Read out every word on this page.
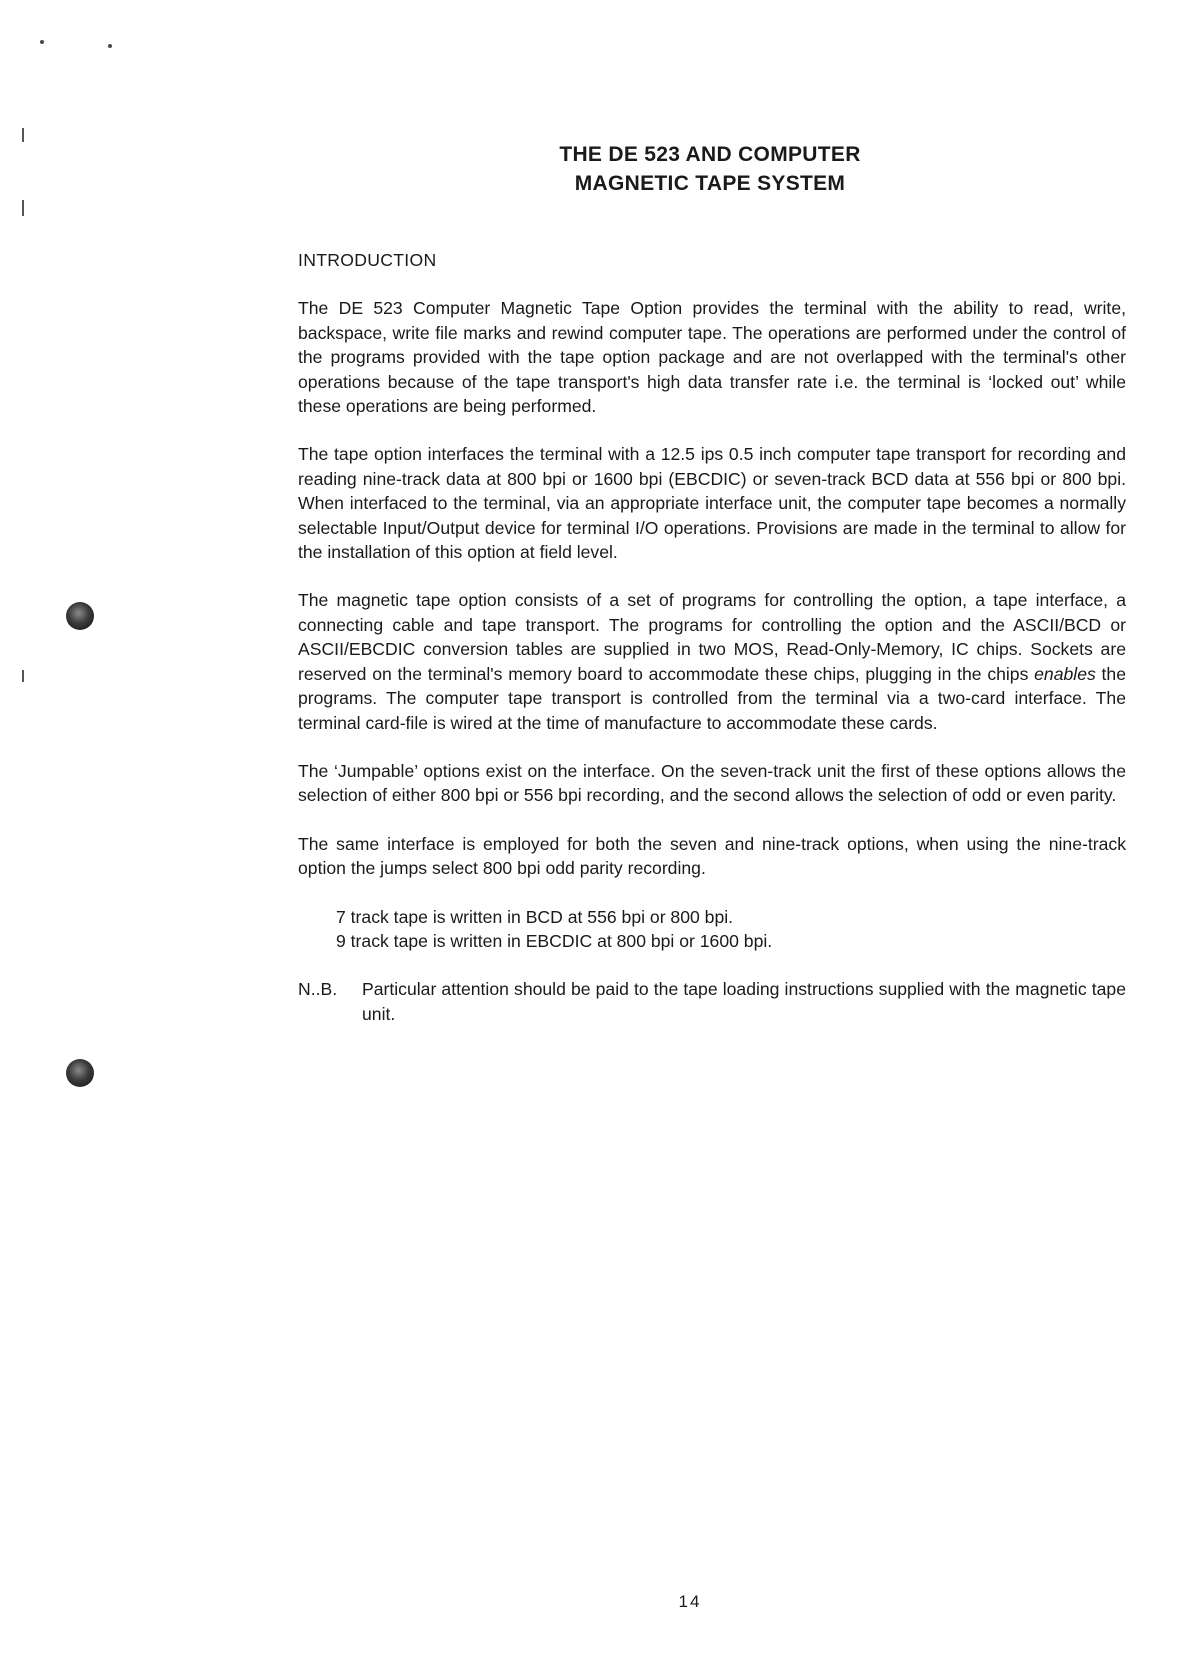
THE DE 523 AND COMPUTER
MAGNETIC TAPE SYSTEM
INTRODUCTION

The DE 523 Computer Magnetic Tape Option provides the terminal with the ability to read, write, backspace, write file marks and rewind computer tape. The operations are performed under the control of the programs provided with the tape option package and are not overlapped with the terminal's other operations because of the tape transport's high data transfer rate i.e. the terminal is ‘locked out’ while these operations are being performed.

The tape option interfaces the terminal with a 12.5 ips 0.5 inch computer tape transport for recording and reading nine-track data at 800 bpi or 1600 bpi (EBCDIC) or seven-track BCD data at 556 bpi or 800 bpi. When interfaced to the terminal, via an appropriate interface unit, the computer tape becomes a normally selectable Input/Output device for terminal I/O operations. Provisions are made in the terminal to allow for the installation of this option at field level.

The magnetic tape option consists of a set of programs for controlling the option, a tape interface, a connecting cable and tape transport. The programs for controlling the option and the ASCII/BCD or ASCII/EBCDIC conversion tables are supplied in two MOS, Read-Only-Memory, IC chips. Sockets are reserved on the terminal's memory board to accommodate these chips, plugging in the chips enables the programs. The computer tape transport is controlled from the terminal via a two-card interface. The terminal card-file is wired at the time of manufacture to accommodate these cards.

The ‘Jumpable’ options exist on the interface. On the seven-track unit the first of these options allows the selection of either 800 bpi or 556 bpi recording, and the second allows the selection of odd or even parity.

The same interface is employed for both the seven and nine-track options, when using the nine-track option the jumps select 800 bpi odd parity recording.

7 track tape is written in BCD at 556 bpi or 800 bpi.
9 track tape is written in EBCDIC at 800 bpi or 1600 bpi.
N..B.	Particular attention should be paid to the tape loading instructions supplied with the magnetic tape unit.
14
